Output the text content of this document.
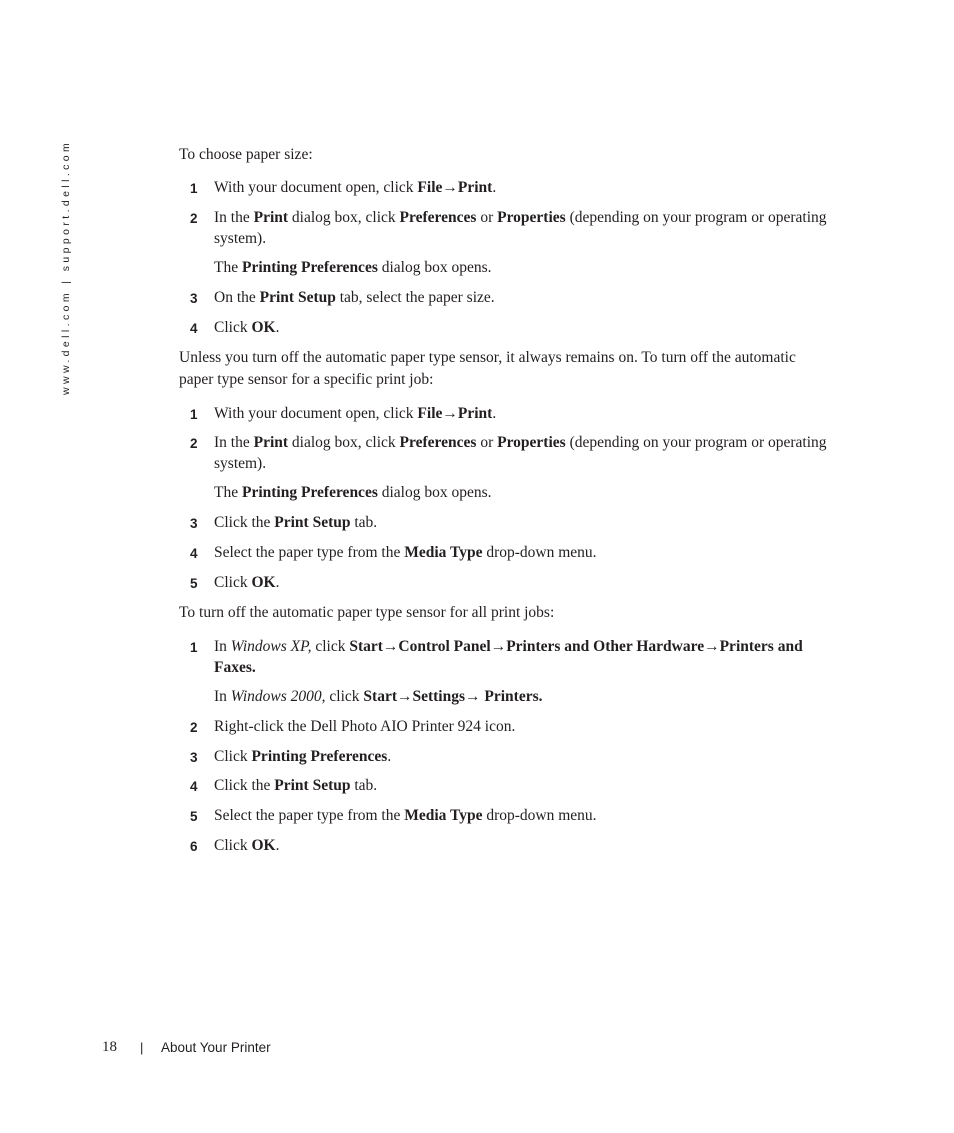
www.dell.com | support.dell.com	To choose paper size:

1 With your document open, click File→Print.
2 In the Print dialog box, click Preferences or Properties (depending on your program or operating system).
The Printing Preferences dialog box opens.
3 On the Print Setup tab, select the paper size.
4 Click OK.

Unless you turn off the automatic paper type sensor, it always remains on. To turn off the automatic paper type sensor for a specific print job:

1 With your document open, click File→Print.
2 In the Print dialog box, click Preferences or Properties (depending on your program or operating system).
The Printing Preferences dialog box opens.
3 Click the Print Setup tab.
4 Select the paper type from the Media Type drop-down menu.
5 Click OK.

To turn off the automatic paper type sensor for all print jobs:

1 In Windows XP, click Start→Control Panel→Printers and Other Hardware→Printers and Faxes.
In Windows 2000, click Start→Settings→ Printers.
2 Right-click the Dell Photo AIO Printer 924 icon.
3 Click Printing Preferences.
4 Click the Print Setup tab.
5 Select the paper type from the Media Type drop-down menu.
6 Click OK.
18 | About Your Printer
